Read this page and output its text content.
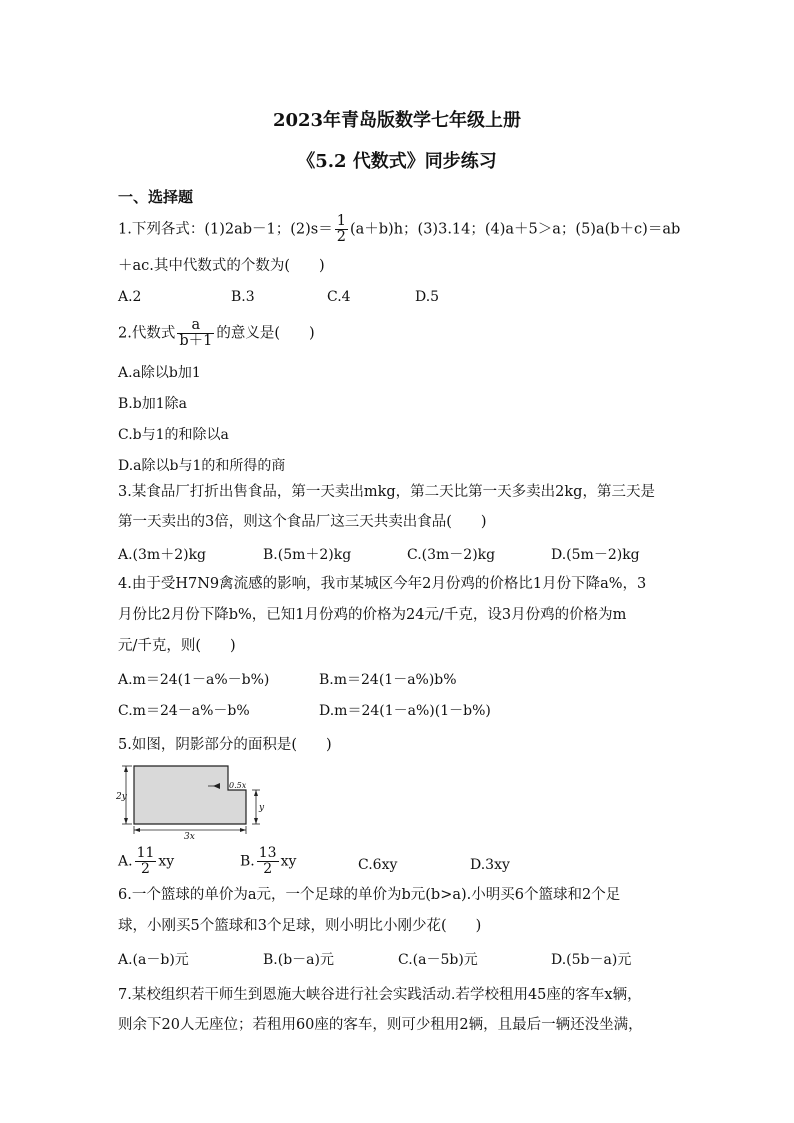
2023年青岛版数学七年级上册
《5.2 代数式》同步练习
一、选择题
1.下列各式：(1)2ab－1；$(2)s= \frac{1}{2} (a+b)h$；(3)3.14；(4)a＋5＞a；(5)a(b＋c)＝ab
＋ac.其中代数式的个数为(　　)
A.2	B.3	C.4	D.5
2.代数式 $\frac{a}{b+1}$ 的意义是(　　)
A.a除以b加1
B.b加1除a
C.b与1的和除以a
D.a除以b与1的和所得的商
3.某食品厂打折出售食品，第一天卖出mkg，第二天比第一天多卖出2kg，第三天是
第一天卖出的3倍，则这个食品厂这三天共卖出食品(　　)
A.(3m＋2)kg	B.(5m＋2)kg	C.(3m－2)kg	D.(5m－2)kg
4.由于受H7N9禽流感的影响，我市某城区今年2月份鸡的价格比1月份下降a%，3
月份比2月份下降b%，已知1月份鸡的价格为24元/千克，设3月份鸡的价格为m
元/千克，则(　　)
A.m＝24(1－a%－b%)	B.m＝24(1－a%)b%
C.m＝24－a%－b%	D.m＝24(1－a%)(1－b%)
5.如图，阴影部分的面积是(　　)
2y
0.5x
y
3x
A. $\frac{11}{2}$ xy	B. $\frac{13}{2}$ xy	C.6xy	D.3xy
6.一个篮球的单价为a元，一个足球的单价为b元(b>a).小明买6个篮球和2个足
球，小刚买5个篮球和3个足球，则小明比小刚少花(　　)
A.(a－b)元	B.(b－a)元	C.(a－5b)元	D.(5b－a)元
7.某校组织若干师生到恩施大峡谷进行社会实践活动.若学校租用45座的客车x辆，
则余下20人无座位；若租用60座的客车，则可少租用2辆，且最后一辆还没坐满，
